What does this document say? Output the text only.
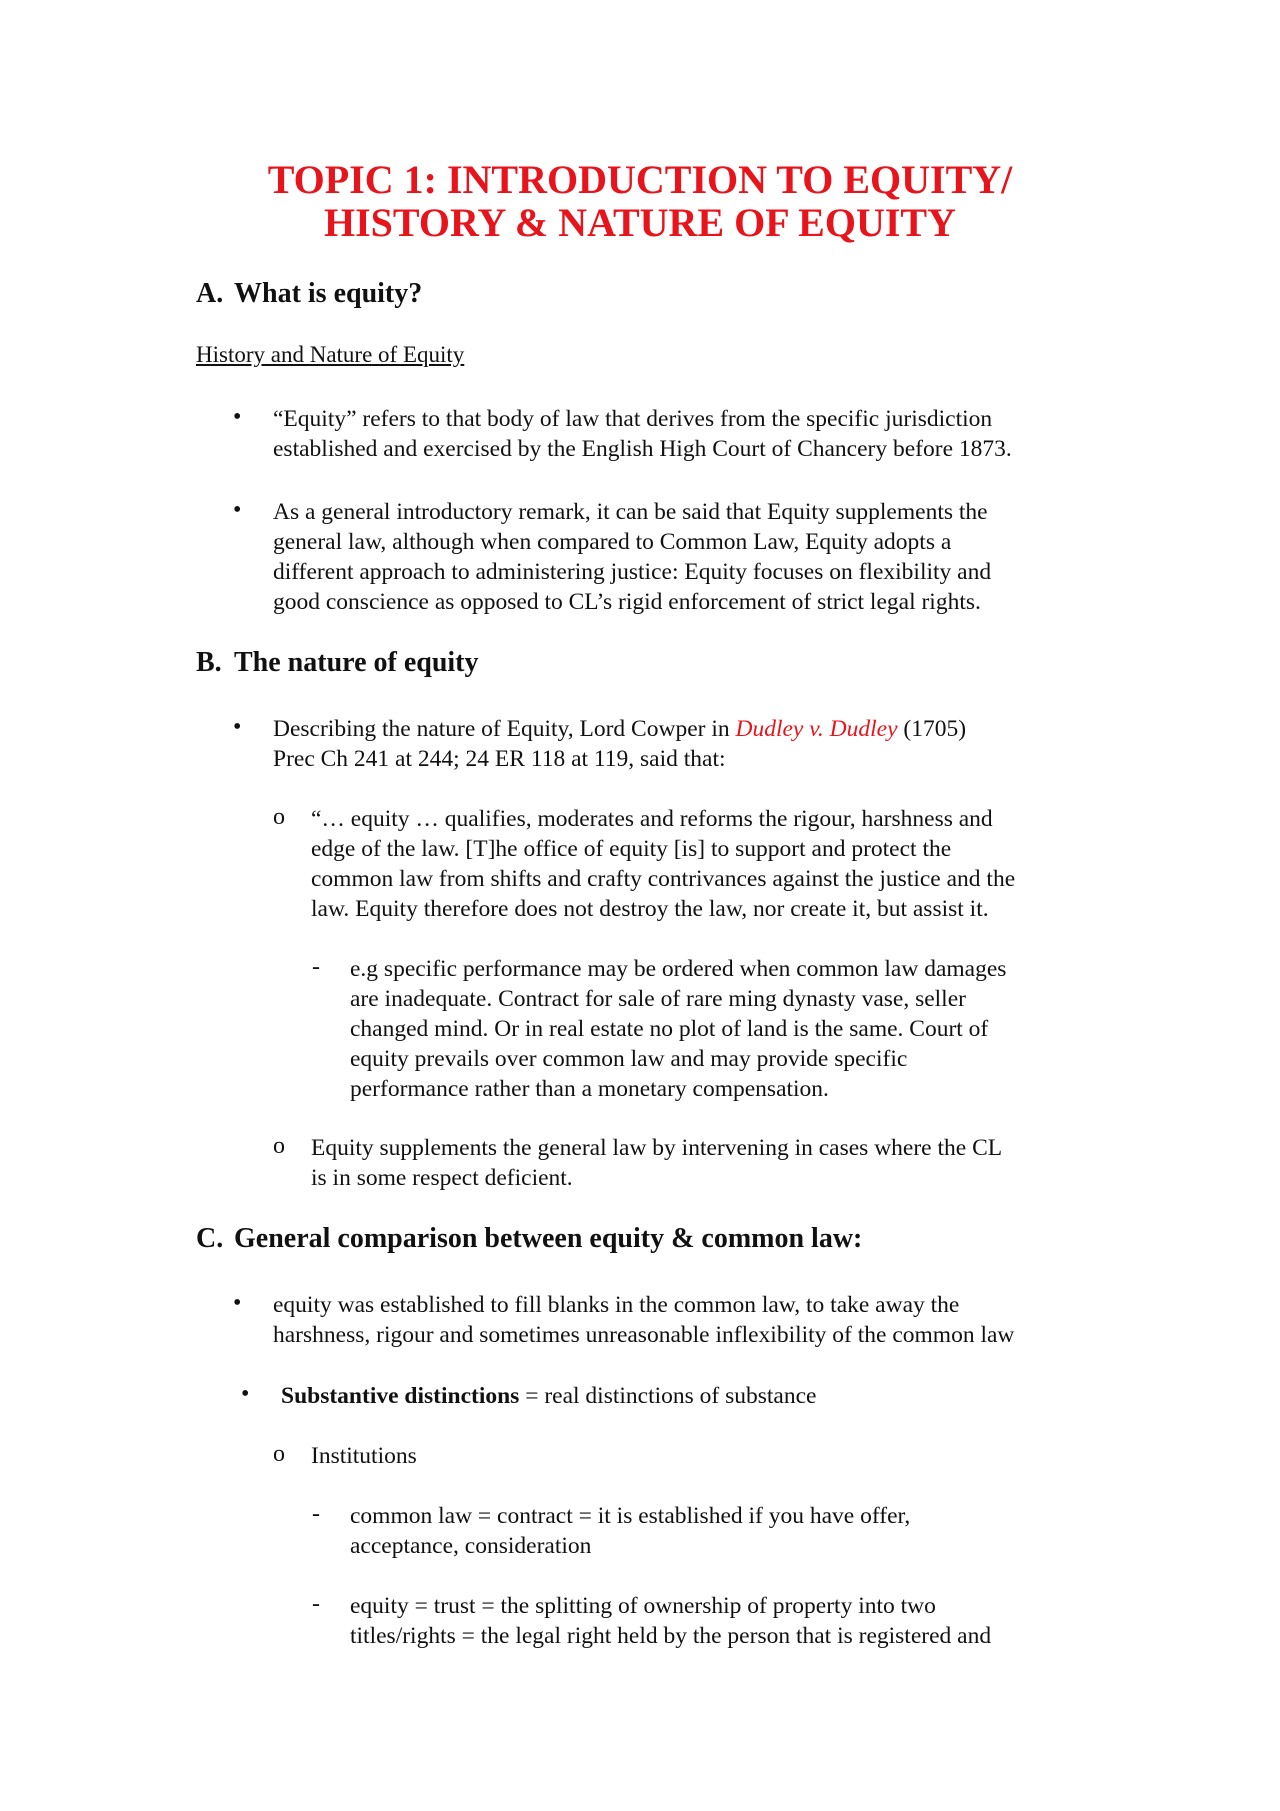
TOPIC 1: INTRODUCTION TO EQUITY/
HISTORY & NATURE OF EQUITY
A. What is equity?
History and Nature of Equity
• “Equity” refers to that body of law that derives from the specific jurisdiction
established and exercised by the English High Court of Chancery before 1873.
• As a general introductory remark, it can be said that Equity supplements the
general law, although when compared to Common Law, Equity adopts a
different approach to administering justice: Equity focuses on flexibility and
good conscience as opposed to CL’s rigid enforcement of strict legal rights.
B. The nature of equity
• Describing the nature of Equity, Lord Cowper in Dudley v. Dudley (1705)
Prec Ch 241 at 244; 24 ER 118 at 119, said that:
o “… equity … qualifies, moderates and reforms the rigour, harshness and
edge of the law. [T]he office of equity [is] to support and protect the
common law from shifts and crafty contrivances against the justice and the
law. Equity therefore does not destroy the law, nor create it, but assist it.
- e.g specific performance may be ordered when common law damages
are inadequate. Contract for sale of rare ming dynasty vase, seller
changed mind. Or in real estate no plot of land is the same. Court of
equity prevails over common law and may provide specific
performance rather than a monetary compensation.
o Equity supplements the general law by intervening in cases where the CL
is in some respect deficient.
C. General comparison between equity & common law:
• equity was established to fill blanks in the common law, to take away the
harshness, rigour and sometimes unreasonable inflexibility of the common law
• Substantive distinctions = real distinctions of substance
o Institutions
- common law = contract = it is established if you have offer,
acceptance, consideration
- equity = trust = the splitting of ownership of property into two
titles/rights = the legal right held by the person that is registered and
